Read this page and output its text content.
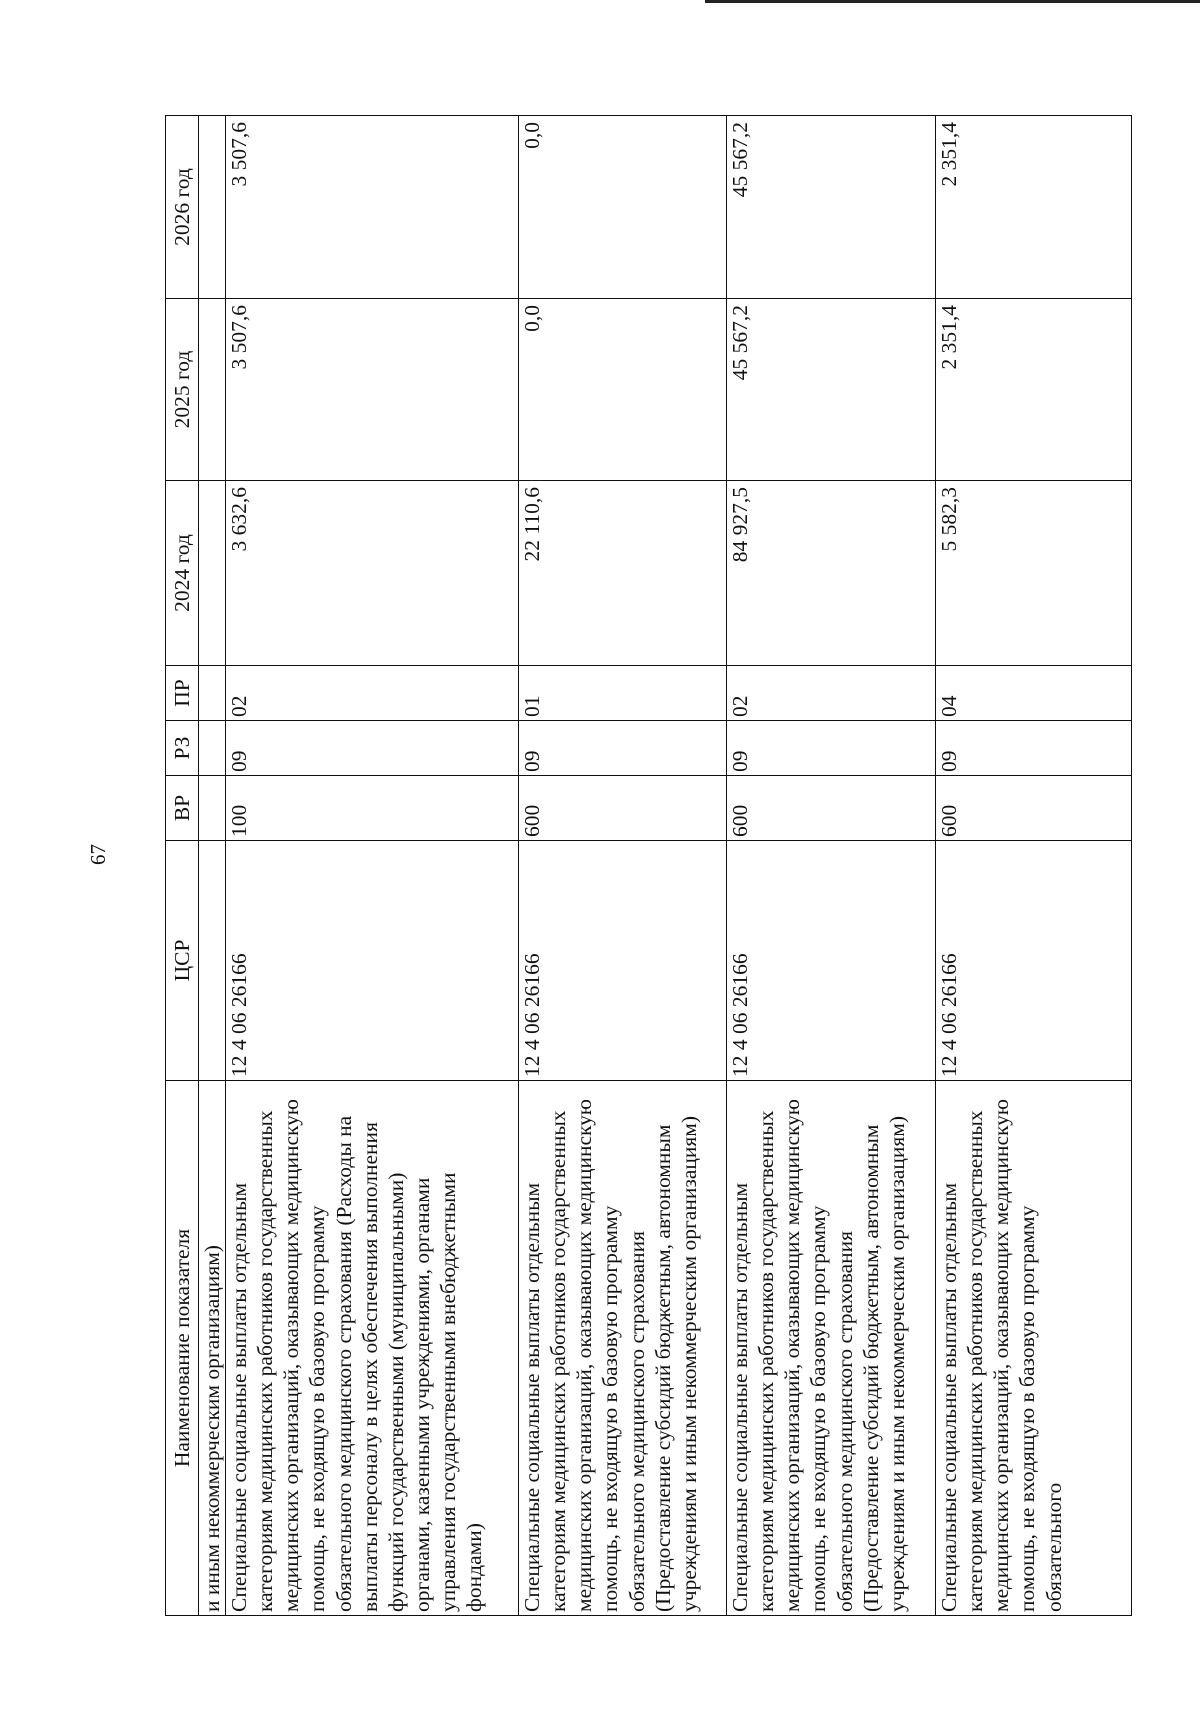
67
Наименование показателя	ЦСР	ВР	РЗ	ПР	2024 год	2025 год	2026 год
и иным некоммерческим организациям)							
Специальные социальные выплаты отдельным категориям медицинских работников государственных медицинских организаций, оказывающих медицинскую помощь, не входящую в базовую программу обязательного медицинского страхования (Расходы на выплаты персоналу в целях обеспечения выполнения функций государственными (муниципальными) органами, казенными учреждениями, органами управления государственными внебюджетными фондами)	12 4 06 26166	100	09	02	3 632,6	3 507,6	3 507,6
Специальные социальные выплаты отдельным категориям медицинских работников государственных медицинских организаций, оказывающих медицинскую помощь, не входящую в базовую программу обязательного медицинского страхования (Предоставление субсидий бюджетным, автономным учреждениям и иным некоммерческим организациям)	12 4 06 26166	600	09	01	22 110,6	0,0	0,0
Специальные социальные выплаты отдельным категориям медицинских работников государственных медицинских организаций, оказывающих медицинскую помощь, не входящую в базовую программу обязательного медицинского страхования (Предоставление субсидий бюджетным, автономным учреждениям и иным некоммерческим организациям)	12 4 06 26166	600	09	02	84 927,5	45 567,2	45 567,2
Специальные социальные выплаты отдельным категориям медицинских работников государственных медицинских организаций, оказывающих медицинскую помощь, не входящую в базовую программу обязательного	12 4 06 26166	600	09	04	5 582,3	2 351,4	2 351,4
